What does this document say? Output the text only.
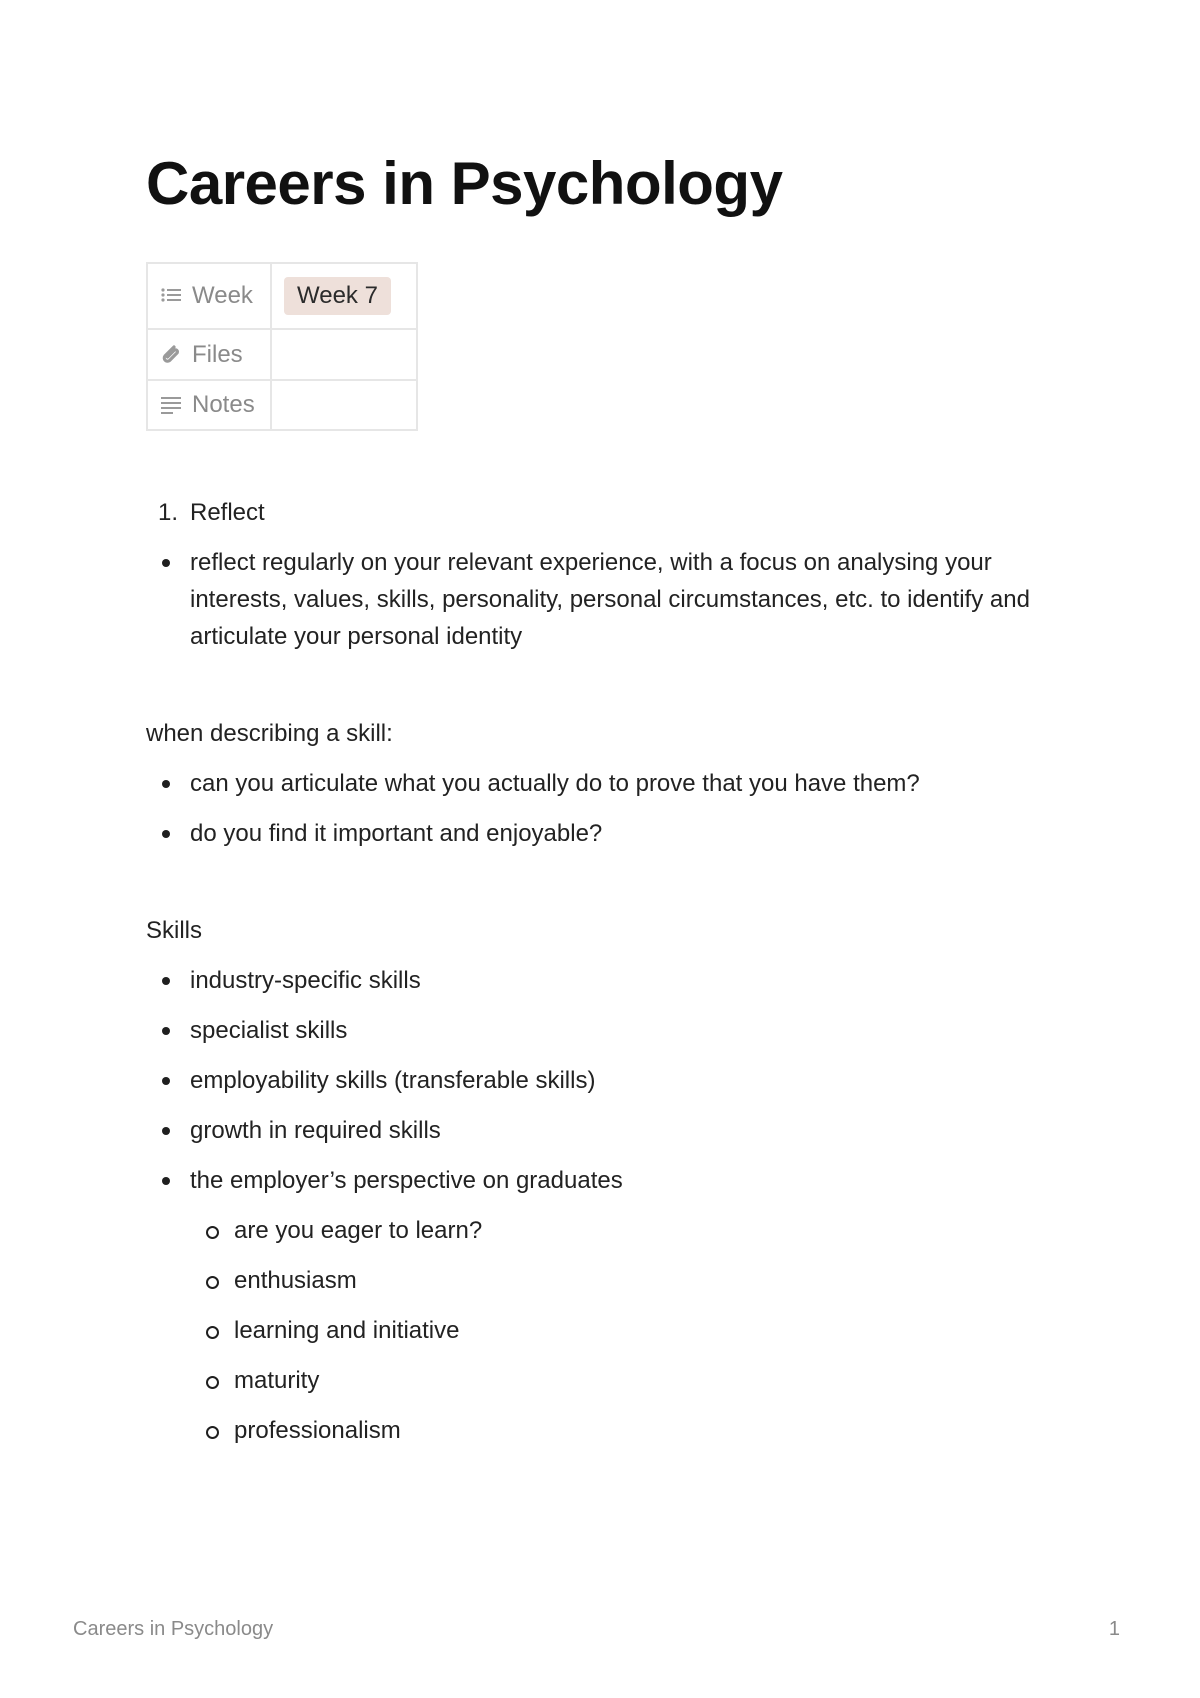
Careers in Psychology
Week	Week 7

Files	

Notes	
1. Reflect
reflect regularly on your relevant experience, with a focus on analysing your interests, values, skills, personality, personal circumstances, etc. to identify and articulate your personal identity
when describing a skill:
can you articulate what you actually do to prove that you have them?
do you find it important and enjoyable?
Skills
industry-specific skills
specialist skills
employability skills (transferable skills)
growth in required skills
the employer’s perspective on graduates
are you eager to learn?
enthusiasm
learning and initiative
maturity
professionalism
Careers in Psychology	1
